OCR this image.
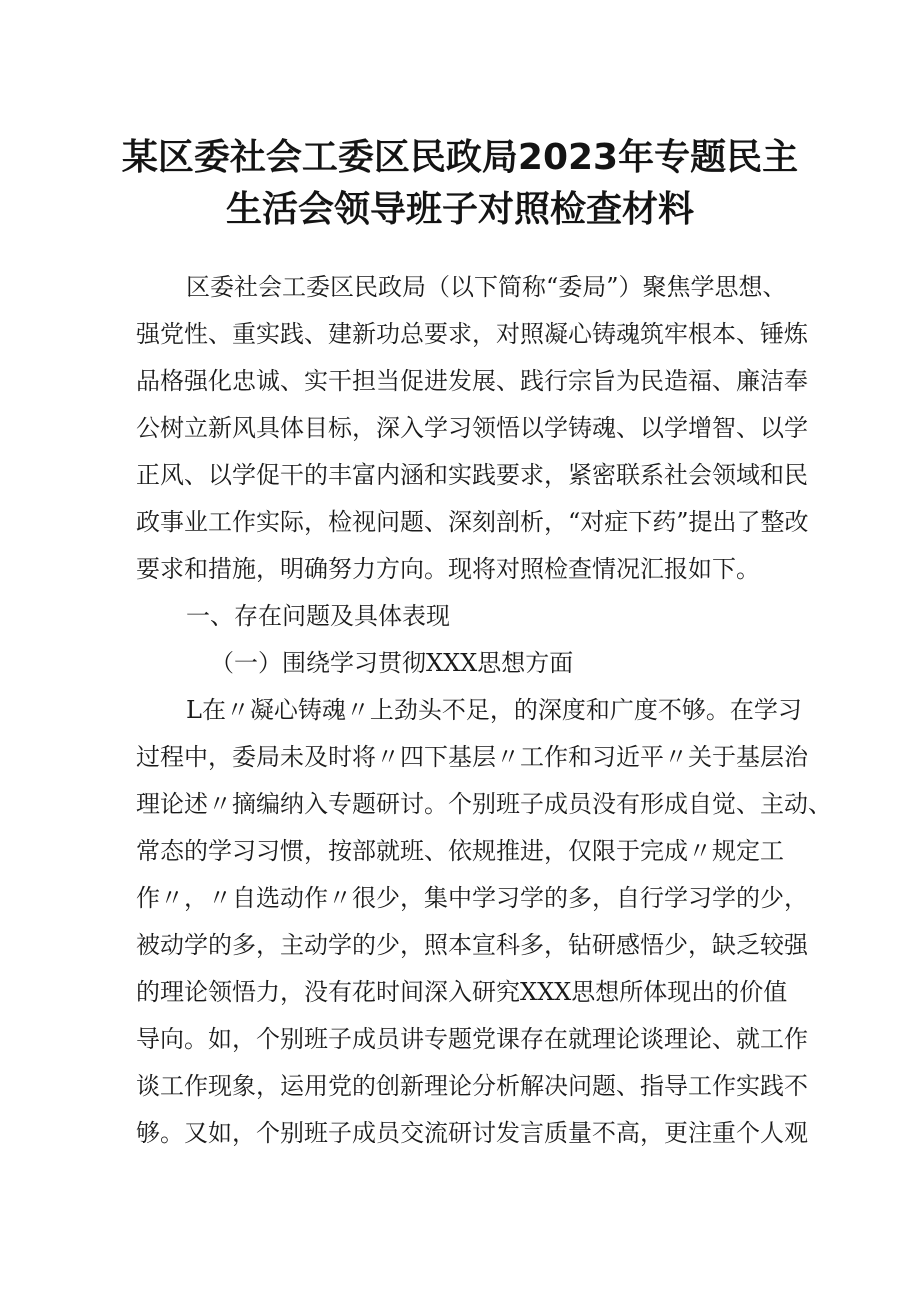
某区委社会工委区民政局2023年专题民主
生活会领导班子对照检查材料
区委社会工委区民政局（以下简称“委局”）聚焦学思想、
强党性、重实践、建新功总要求，对照凝心铸魂筑牢根本、锤炼
品格强化忠诚、实干担当促进发展、践行宗旨为民造福、廉洁奉
公树立新风具体目标，深入学习领悟以学铸魂、以学增智、以学
正风、以学促干的丰富内涵和实践要求，紧密联系社会领域和民
政事业工作实际，检视问题、深刻剖析，“对症下药”提出了整改
要求和措施，明确努力方向。现将对照检查情况汇报如下。
一、存在问题及具体表现
（一）围绕学习贯彻XXX思想方面
L在〃凝心铸魂〃上劲头不足，的深度和广度不够。在学习
过程中，委局未及时将〃四下基层〃工作和习近平〃关于基层治
理论述〃摘编纳入专题研讨。个别班子成员没有形成自觉、主动、
常态的学习习惯，按部就班、依规推进，仅限于完成〃规定工
作〃，〃自选动作〃很少，集中学习学的多，自行学习学的少，
被动学的多，主动学的少，照本宣科多，钻研感悟少，缺乏较强
的理论领悟力，没有花时间深入研究XXX思想所体现出的价值
导向。如，个别班子成员讲专题党课存在就理论谈理论、就工作
谈工作现象，运用党的创新理论分析解决问题、指导工作实践不
够。又如，个别班子成员交流研讨发言质量不高，更注重个人观
